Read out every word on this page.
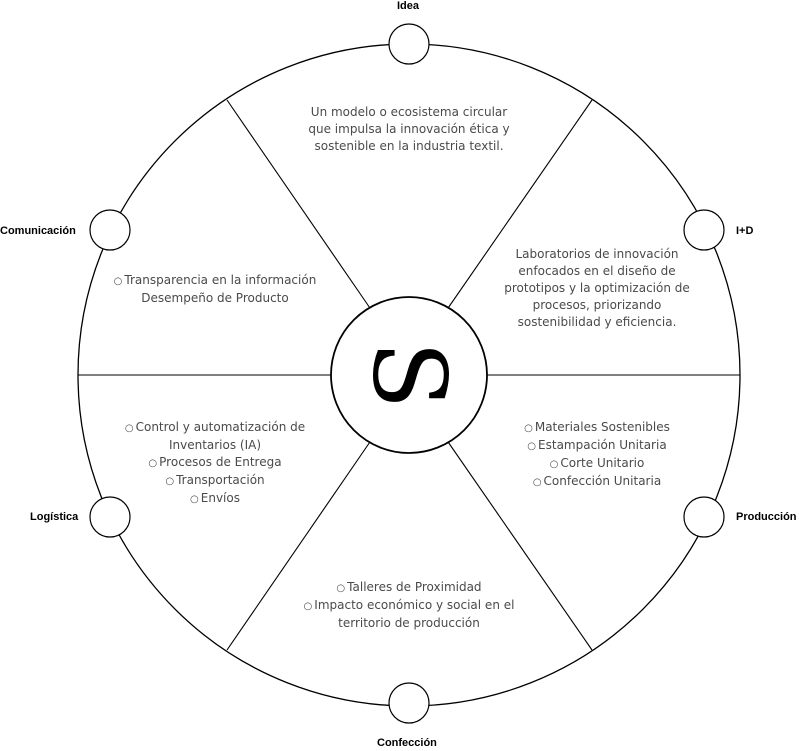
S
Idea
I+D
Producción
Confección
Logística
Comunicación
Un modelo o ecosistema circular
que impulsa la innovación ética y
sostenible en la industria textil.
Laboratorios de innovación
enfocados en el diseño de
prototipos y la optimización de
procesos, priorizando
sostenibilidad y eficiencia.
○ Materiales Sostenibles
○ Estampación Unitaria
○ Corte Unitario
○ Confección Unitaria
○ Talleres de Proximidad
○ Impacto económico y social en el
territorio de producción
○ Control y automatización de
Inventarios (IA)
○ Procesos de Entrega
○ Transportación
○ Envíos
○ Transparencia en la información
Desempeño de Producto
